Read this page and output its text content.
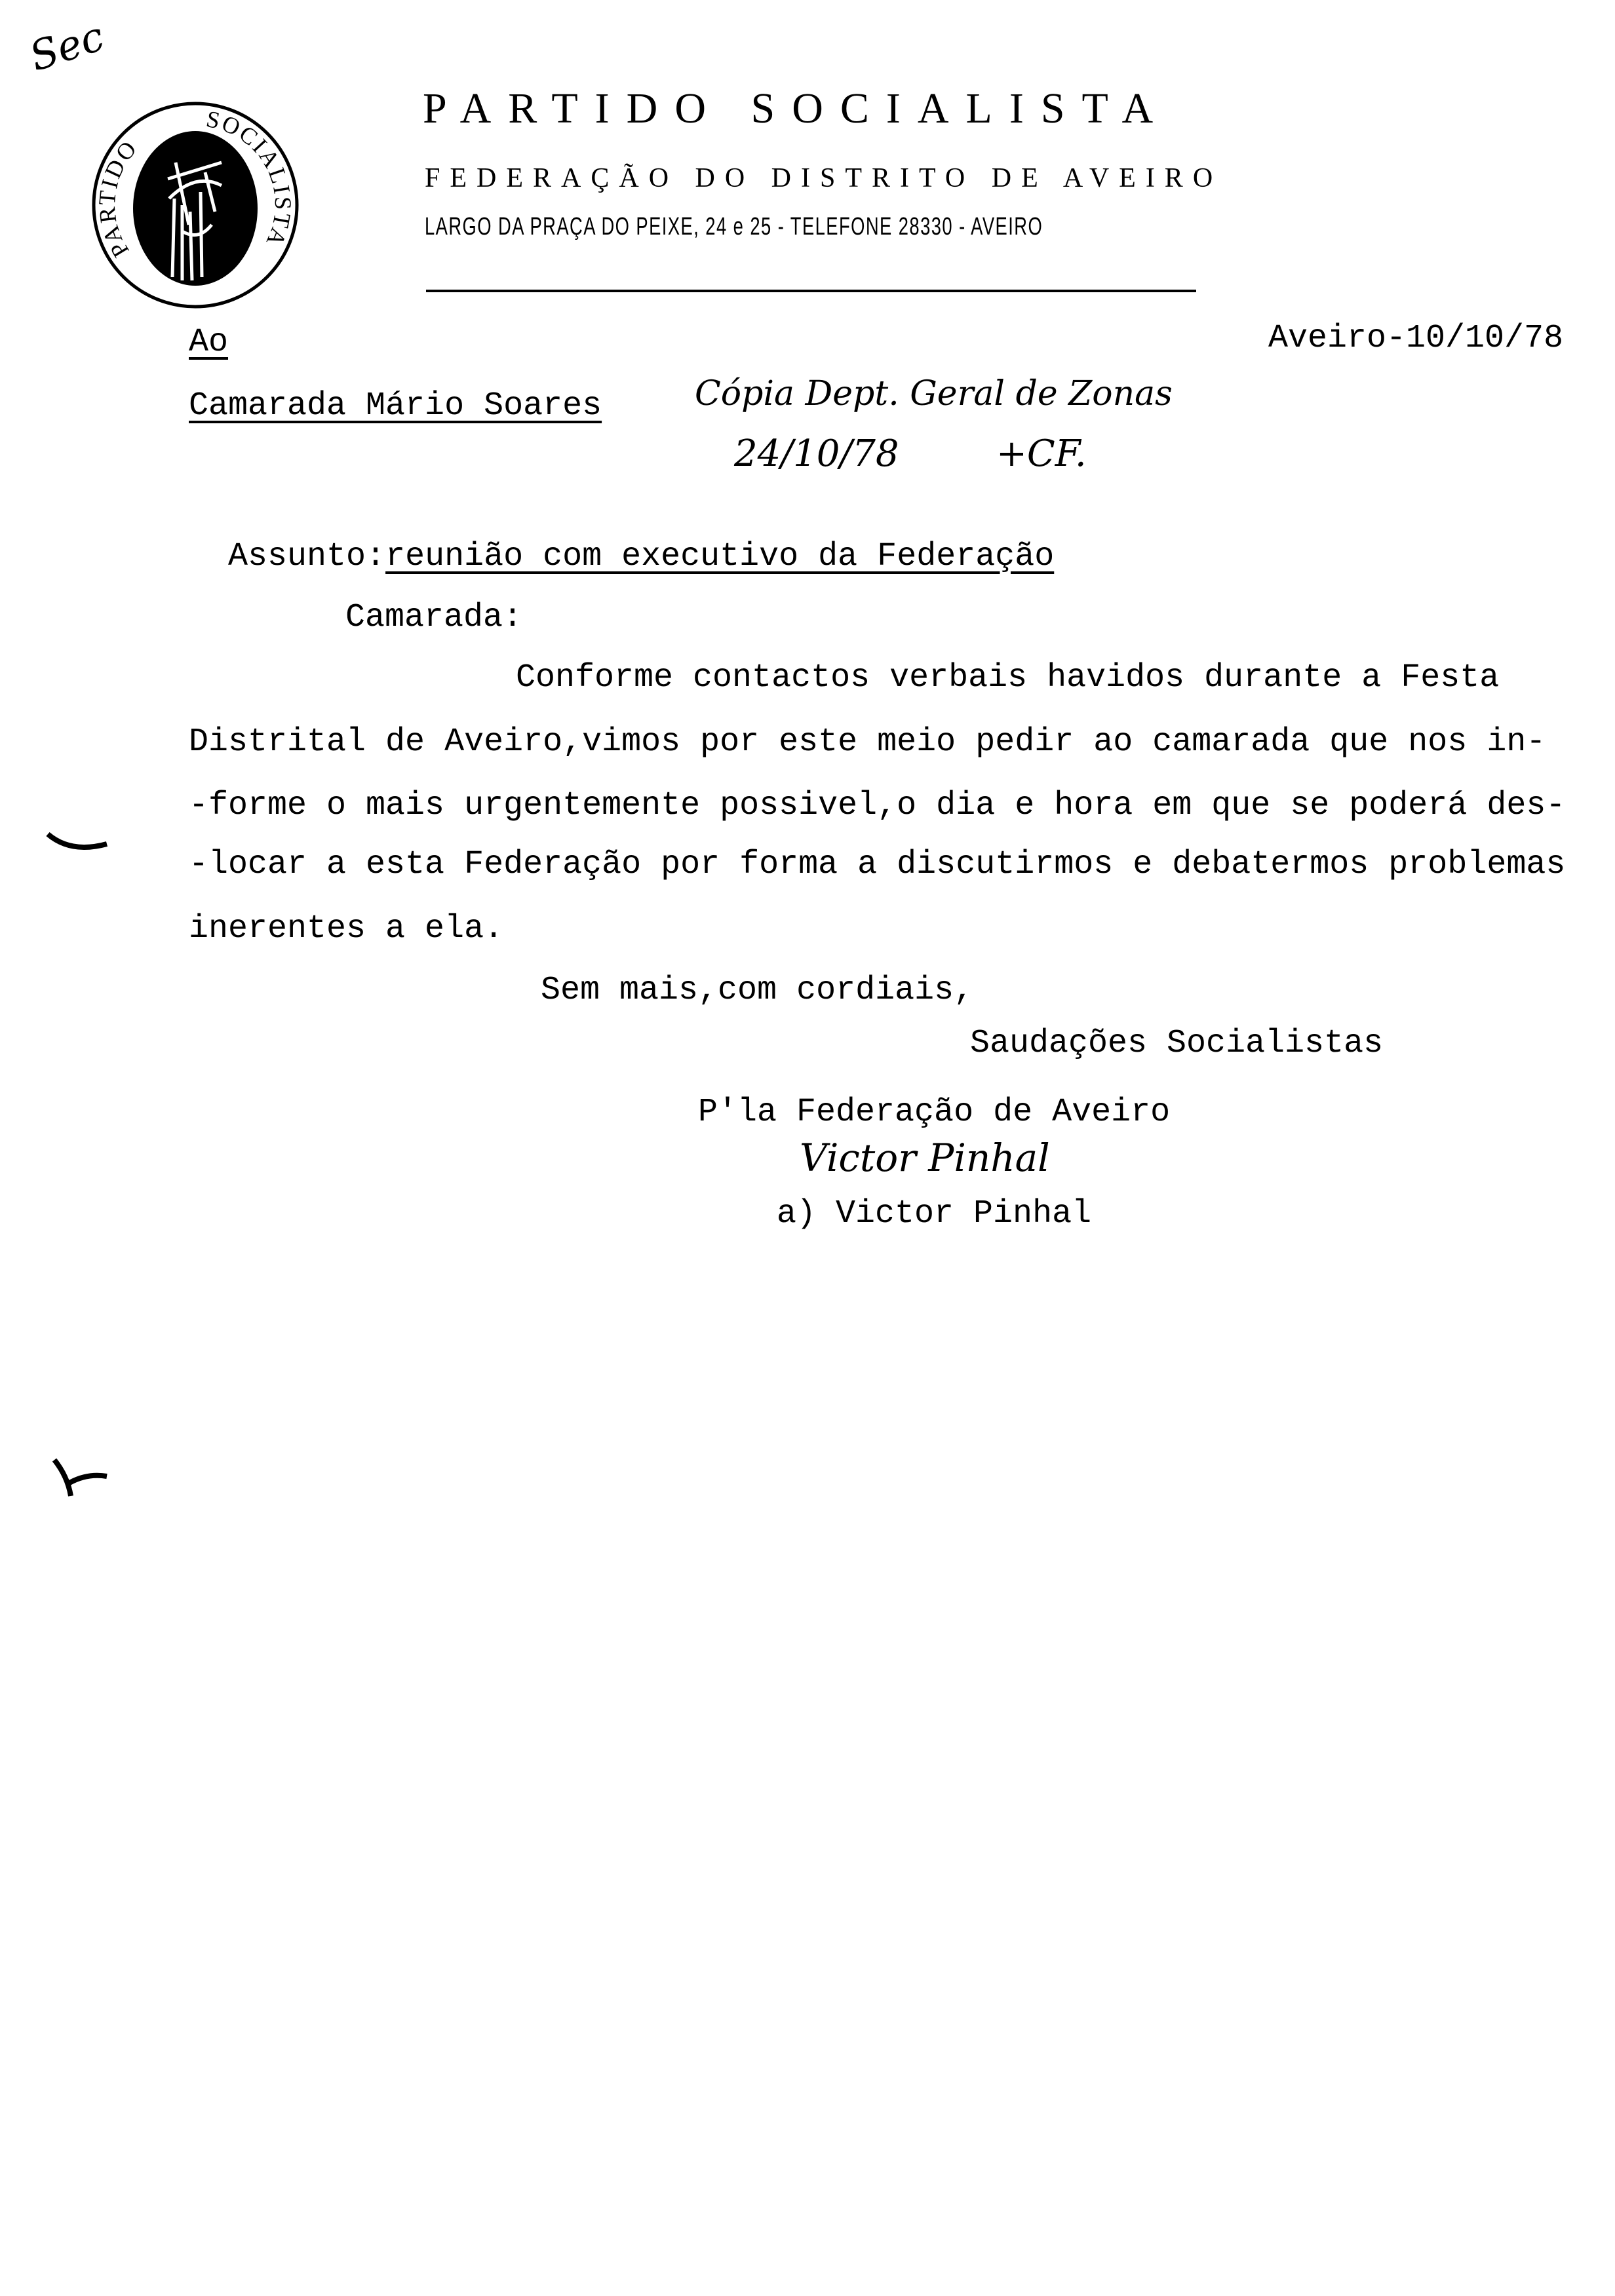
PARTIDO
SOCIALISTA

PARTIDO SOCIALISTA
FEDERAÇÃO DO DISTRITO DE AVEIRO
LARGO DA PRAÇA DO PEIXE, 24 e 25 - TELEFONE 28330 - AVEIRO
Ao	Aveiro-10/10/78
Camarada Mário Soares

Assunto:reunião com executivo da Federação

Camarada:
Conforme contactos verbais havidos durante a Festa
Distrital de Aveiro,vimos por este meio pedir ao camarada que nos in-
-forme o mais urgentemente possivel,o dia e hora em que se poderá des-
-locar a esta Federação por forma a discutirmos e debatermos problemas
inerentes a ela.
Sem mais,com cordiais,
Saudações Socialistas
P'la Federação de Aveiro
Victor Pinhal
a) Victor Pinhal
Sec
Cópia Dept. Geral de Zonas
24/10/78	+CF.
